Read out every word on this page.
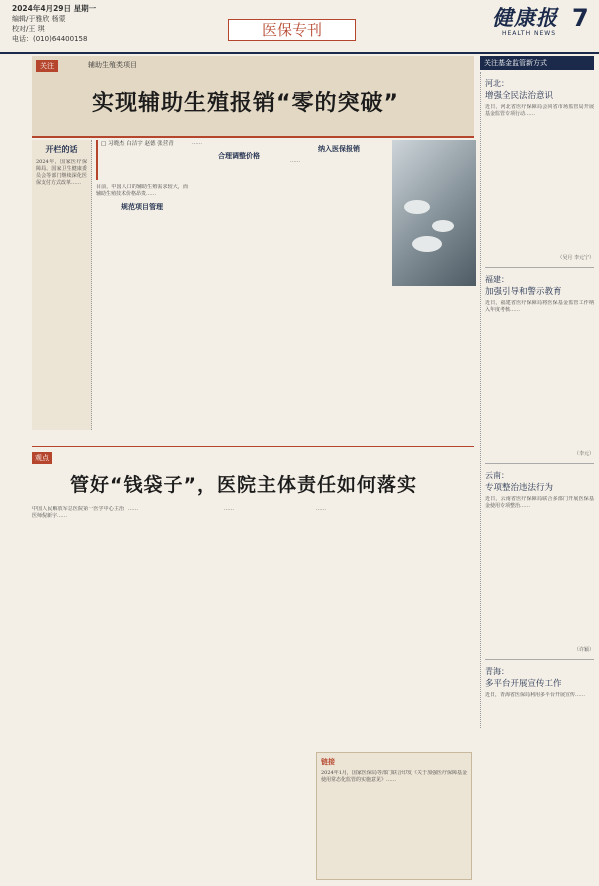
2024年4月29日 星期一
编辑/于雅欣 杨蒙
校对/王 琪
电话：(010)64400158	医保专刊	健康报
HEALTH NEWS
7
关注	辅助生殖类项目
实现辅助生殖报销“零的突破”
开栏的话
2024年，国家医疗保障局、国家卫生健康委员会等部门继续深化医保支付方式改革……
□ 习晓杰 白洁宇 赵德 张营青
目前，中国人口的辅助生殖需求较大，而辅助生殖技术价格昂贵……
规范项目管理
……
合理调整价格
纳入医保报销
……
关注基金监管新方式
河北：
增强全民法治意识
近日，河北省医疗保障局会同省市场监管局开展基金监管专项行动……
（吴月 李元宁）
福建：
加强引导和警示教育
近日，福建省医疗保障局将医保基金监管工作纳入年度考核……
（李元）
云南：
专项整治违法行为
近日，云南省医疗保障局联合多部门开展医保基金使用专项整治……
（许颖）
青海：
多平台开展宣传工作
近日，青海省医保局利用多平台开展宣传……
观点
管好“钱袋子”，医院主体责任如何落实
中国人民解放军总医院第一医学中心主治医师倪新宇……
……	……	……
链接
2024年1月，国家医保局等部门联合印发《关于加强医疗保障基金使用常态化监管的实施意见》……
